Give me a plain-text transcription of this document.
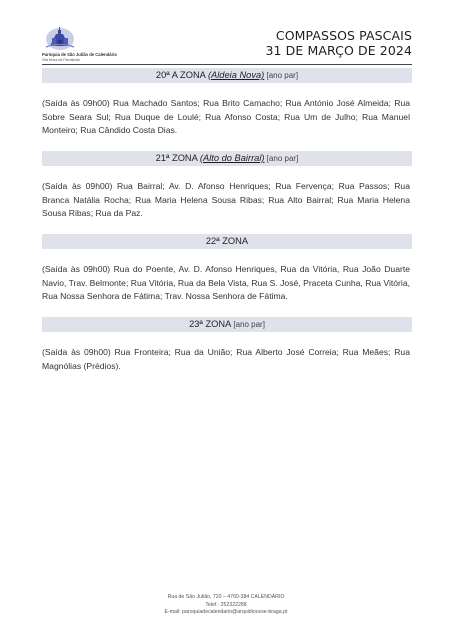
Paróquia de São Julião de Calendário
Vila Nova de Famalicão
COMPASSOS PASCAIS
31 DE MARÇO DE 2024
20ª A ZONA (Aldeia Nova) [ano par]
(Saída às 09h00) Rua Machado Santos; Rua Brito Camacho; Rua António José Almeida; Rua Sobre Seara Sul; Rua Duque de Loulé; Rua Afonso Costa; Rua Um de Julho; Rua Manuel Monteiro; Rua Cândido Costa Dias.
21ª ZONA (Alto do Bairral) [ano par]
(Saída às 09h00) Rua Bairral; Av. D. Afonso Henriques; Rua Fervença; Rua Passos; Rua Branca Natália Rocha; Rua Maria Helena Sousa Ribas; Rua Alto Bairral; Rua Maria Helena Sousa Ribas; Rua da Paz.
22ª ZONA
(Saída às 09h00) Rua do Poente, Av. D. Afonso Henriques, Rua da Vitória, Rua João Duarte Navio, Trav. Belmonte; Rua Vitória, Rua da Bela Vista, Rua S. José, Praceta Cunha, Rua Vitória, Rua Nossa Senhora de Fátima; Trav. Nossa Senhora de Fátima.
23ª ZONA [ano par]
(Saída às 09h00) Rua Fronteira; Rua da União; Rua Alberto José Correia; Rua Meães; Rua Magnólias (Prédios).
Rua de São Julião, 720 – 4760-384 CALENDÁRIO
Telef.: 252322288
E-mail: paroquiadecalendario@arquidiocese-braga.pt
